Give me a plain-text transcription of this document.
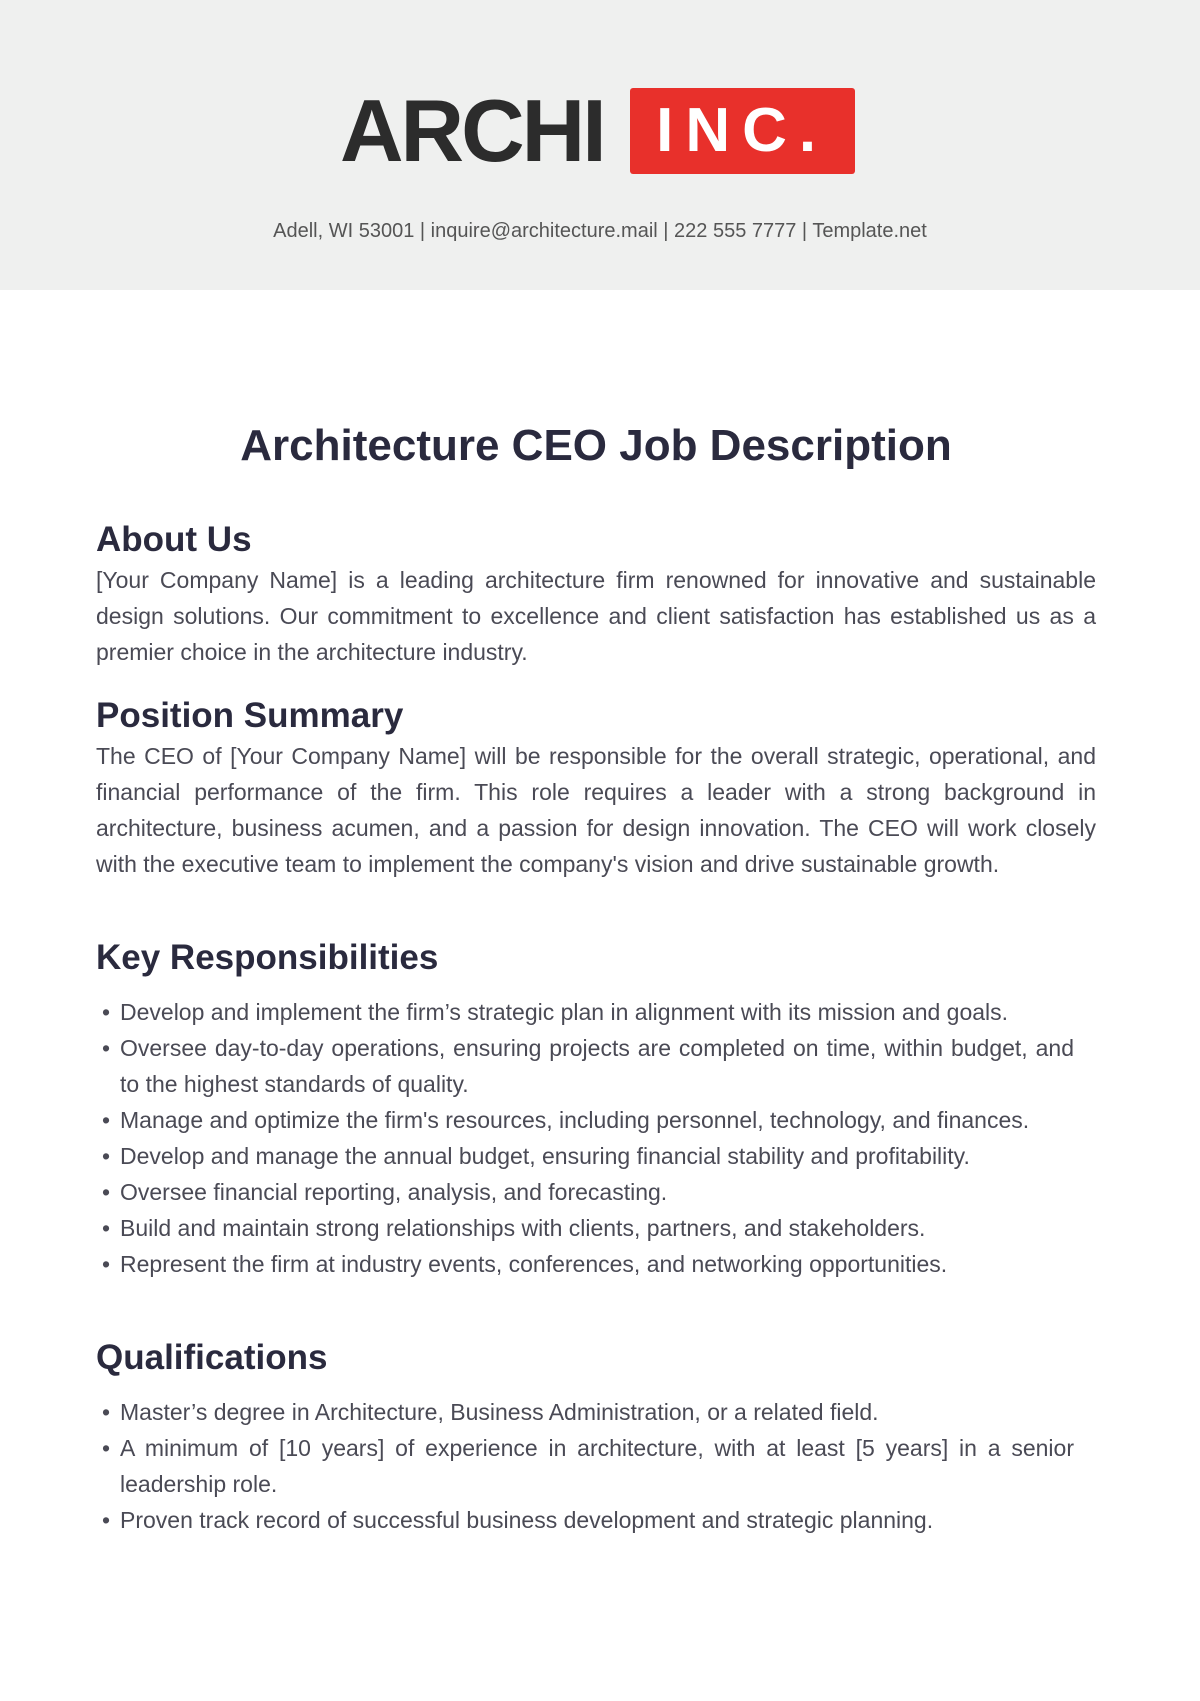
ARCHI INC.
Adell, WI 53001 | inquire@architecture.mail | 222 555 7777 | Template.net
Architecture CEO Job Description
About Us

[Your Company Name] is a leading architecture firm renowned for innovative and sustainable design solutions. Our commitment to excellence and client satisfaction has established us as a premier choice in the architecture industry.

Position Summary

The CEO of [Your Company Name] will be responsible for the overall strategic, operational, and financial performance of the firm. This role requires a leader with a strong background in architecture, business acumen, and a passion for design innovation. The CEO will work closely with the executive team to implement the company's vision and drive sustainable growth.

Key Responsibilities
• Develop and implement the firm’s strategic plan in alignment with its mission and goals.
• Oversee day-to-day operations, ensuring projects are completed on time, within budget, and to the highest standards of quality.
• Manage and optimize the firm's resources, including personnel, technology, and finances.
• Develop and manage the annual budget, ensuring financial stability and profitability.
• Oversee financial reporting, analysis, and forecasting.
• Build and maintain strong relationships with clients, partners, and stakeholders.
• Represent the firm at industry events, conferences, and networking opportunities.
Qualifications
• Master’s degree in Architecture, Business Administration, or a related field.
• A minimum of [10 years] of experience in architecture, with at least [5 years] in a senior leadership role.
• Proven track record of successful business development and strategic planning.
